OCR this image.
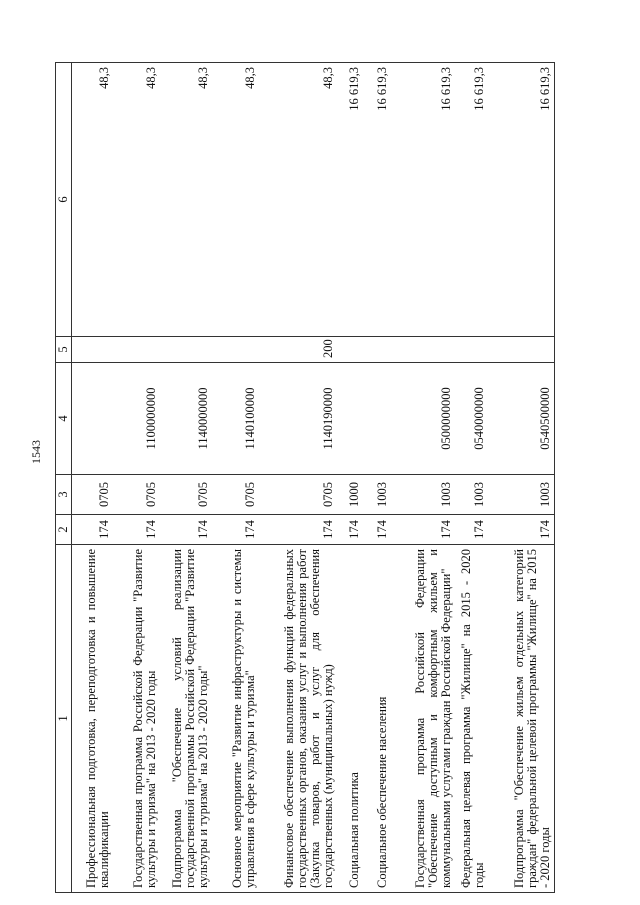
1543
1	2	3	4	5	6
Профессиональная подготовка, переподготовка и повышение квалификации	174	0705			48,3
Государственная программа Российской Федерации "Развитие культуры и туризма" на 2013 - 2020 годы	174	0705	1100000000		48,3
Подпрограмма "Обеспечение условий реализации государственной программы Российской Федерации "Развитие культуры и туризма" на 2013 - 2020 годы"	174	0705	1140000000		48,3
Основное мероприятие "Развитие инфраструктуры и системы управления в сфере культуры и туризма"	174	0705	1140100000		48,3
Финансовое обеспечение выполнения функций федеральных государственных органов, оказания услуг и выполнения работ (Закупка товаров, работ и услуг для обеспечения государственных (муниципальных) нужд)	174	0705	1140190000	200	48,3
Социальная политика	174	1000			16 619,3
Социальное обеспечение населения	174	1003			16 619,3
Государственная программа Российской Федерации "Обеспечение доступным и комфортным жильем и коммунальными услугами граждан Российской Федерации"	174	1003	0500000000		16 619,3
Федеральная целевая программа "Жилище" на 2015 - 2020 годы	174	1003	0540000000		16 619,3
Подпрограмма "Обеспечение жильем отдельных категорий граждан" федеральной целевой программы "Жилище" на 2015 - 2020 годы	174	1003	0540500000		16 619,3
